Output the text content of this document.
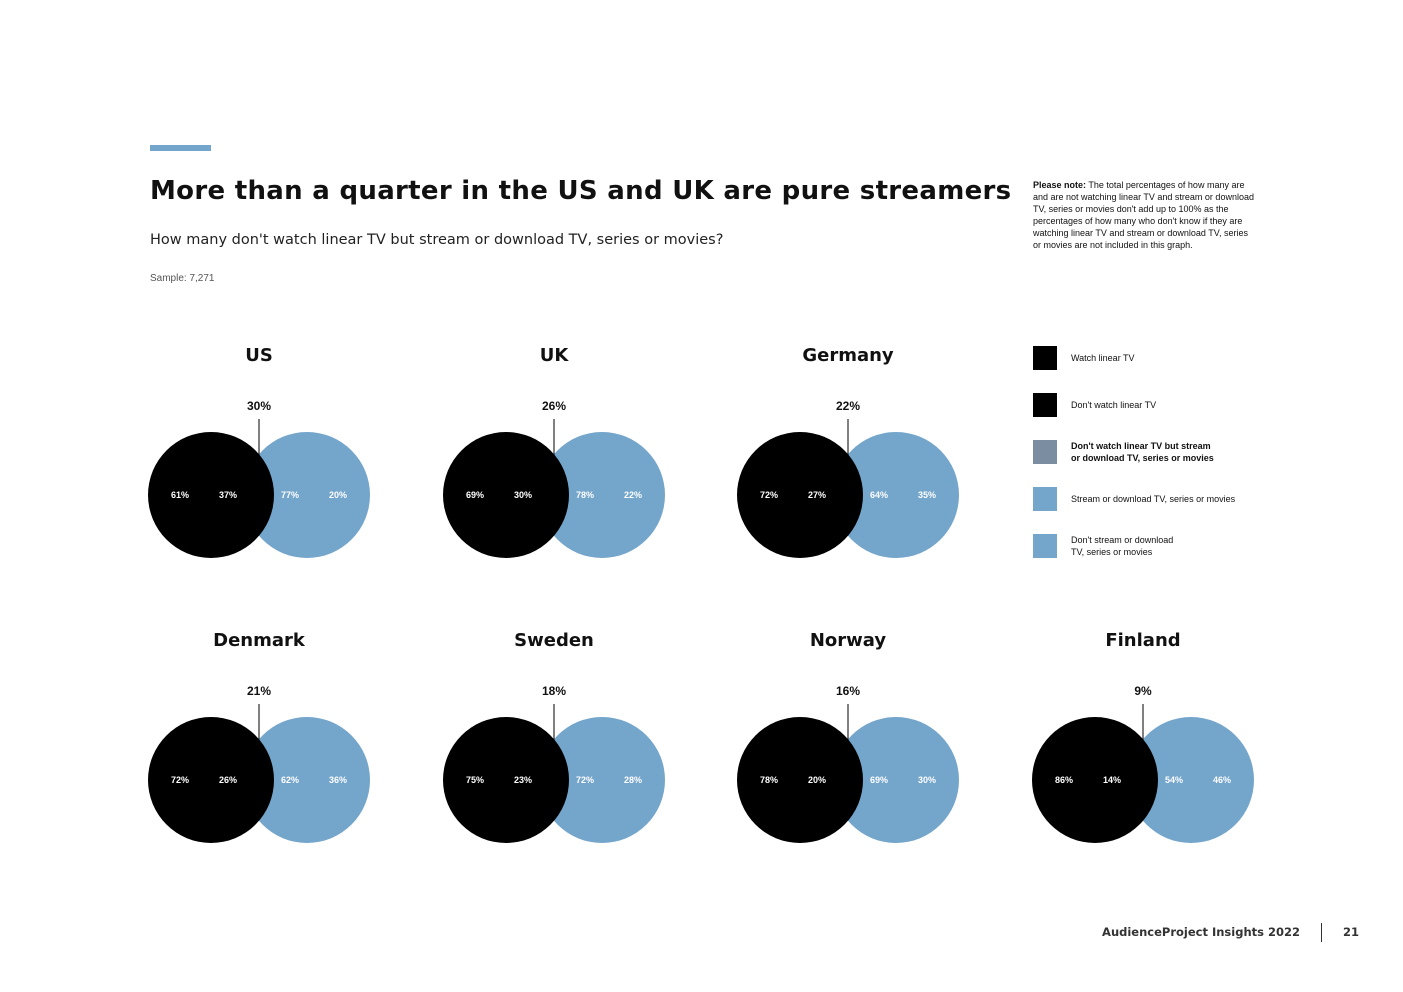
More than a quarter in the US and UK are pure streamers

How many don't watch linear TV but stream or download TV, series or movies?

Sample: 7,271
Please note: The total percentages of how many are and are not watching linear TV and stream or download TV, series or movies don't add up to 100% as the percentages of how many who don't know if they are watching linear TV and stream or download TV, series or movies are not included in this graph.
Watch linear TV
Don't watch linear TV
Don't watch linear TV but stream
or download TV, series or movies
Stream or download TV, series or movies
Don't stream or download
TV, series or movies
US
30%
61%	37%	77%	20%
UK
26%
69%	30%	78%	22%
Germany
22%
72%	27%	64%	35%
Denmark
21%
72%	26%	62%	36%
Sweden
18%
75%	23%	72%	28%
Norway
16%
78%	20%	69%	30%
Finland
9%
86%	14%	54%	46%
AudienceProject Insights 2022	21
